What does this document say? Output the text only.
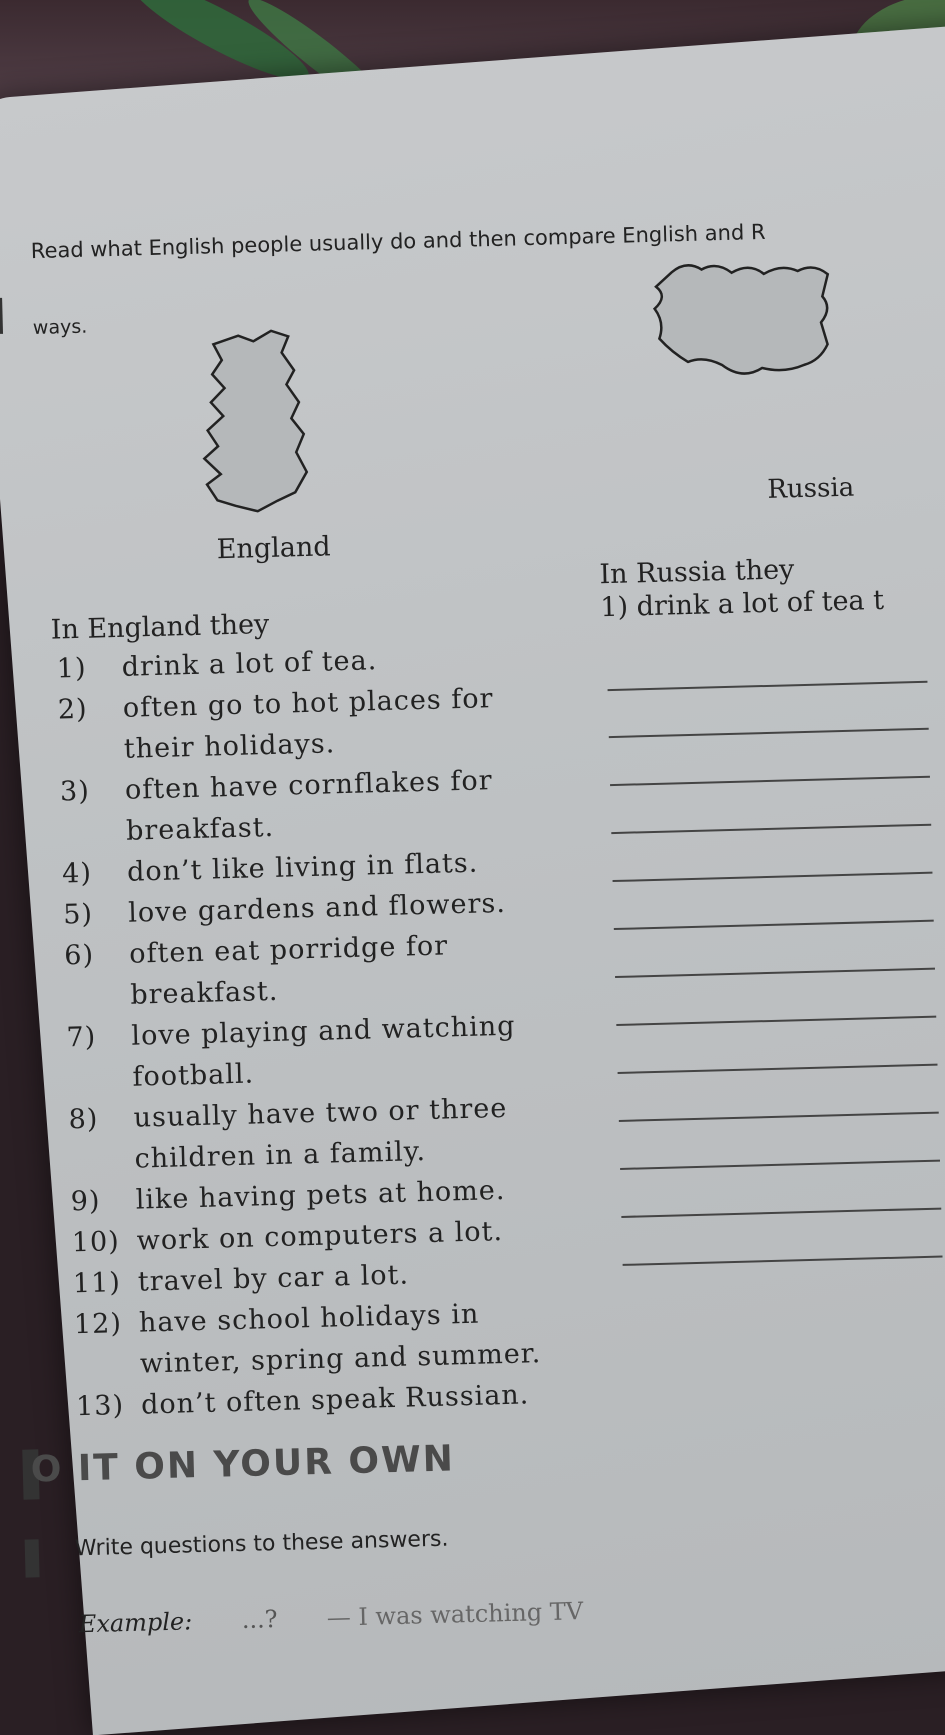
Read what English people usually do and then compare English and R
ways.
England
Russia
In England they
In Russia they
1) drink a lot of tea t
1)	drink a lot of tea.
2)	often go to hot places for their holidays.
3)	often have cornflakes for breakfast.
4)	don’t like living in flats.
5)	love gardens and flowers.
6)	often eat porridge for breakfast.
7)	love playing and watching football.
8)	usually have two or three children in a family.
9)	like having pets at home.
10) work on computers a lot.
11) travel by car a lot.
12) have school holidays in winter, spring and summer.
13) don’t often speak Russian.
O IT ON YOUR OWN
Write questions to these answers.
Example: ...? — I was watching TV
